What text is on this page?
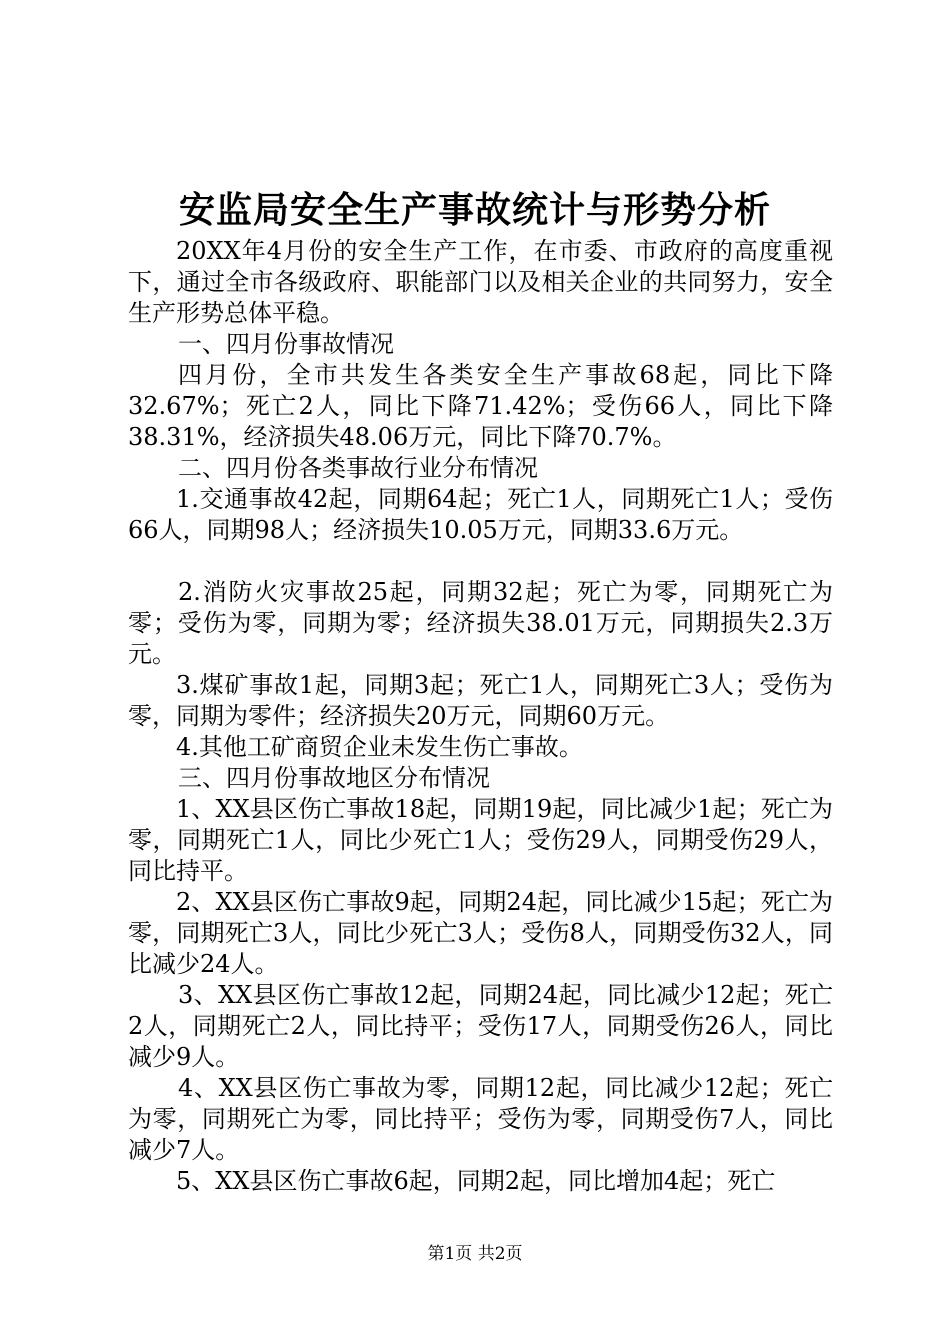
安监局安全生产事故统计与形势分析

20XX年4月份的安全生产工作，在市委、市政府的高度重视下，通过全市各级政府、职能部门以及相关企业的共同努力，安全生产形势总体平稳。

一、四月份事故情况

四月份，全市共发生各类安全生产事故68起，同比下降32.67%；死亡2人，同比下降71.42%；受伤66人，同比下降38.31%，经济损失48.06万元，同比下降70.7%。

二、四月份各类事故行业分布情况

1.交通事故42起，同期64起；死亡1人，同期死亡1人；受伤66人，同期98人；经济损失10.05万元，同期33.6万元。

2.消防火灾事故25起，同期32起；死亡为零，同期死亡为零；受伤为零，同期为零；经济损失38.01万元，同期损失2.3万元。

3.煤矿事故1起，同期3起；死亡1人，同期死亡3人；受伤为零，同期为零件；经济损失20万元，同期60万元。

4.其他工矿商贸企业未发生伤亡事故。

三、四月份事故地区分布情况

1、XX县区伤亡事故18起，同期19起，同比减少1起；死亡为零，同期死亡1人，同比少死亡1人；受伤29人，同期受伤29人，同比持平。

2、XX县区伤亡事故9起，同期24起，同比减少15起；死亡为零，同期死亡3人，同比少死亡3人；受伤8人，同期受伤32人，同比减少24人。

3、XX县区伤亡事故12起，同期24起，同比减少12起；死亡2人，同期死亡2人，同比持平；受伤17人，同期受伤26人，同比减少9人。

4、XX县区伤亡事故为零，同期12起，同比减少12起；死亡为零，同期死亡为零，同比持平；受伤为零，同期受伤7人，同比减少7人。

5、XX县区伤亡事故6起，同期2起，同比增加4起；死亡

第1页 共2页
